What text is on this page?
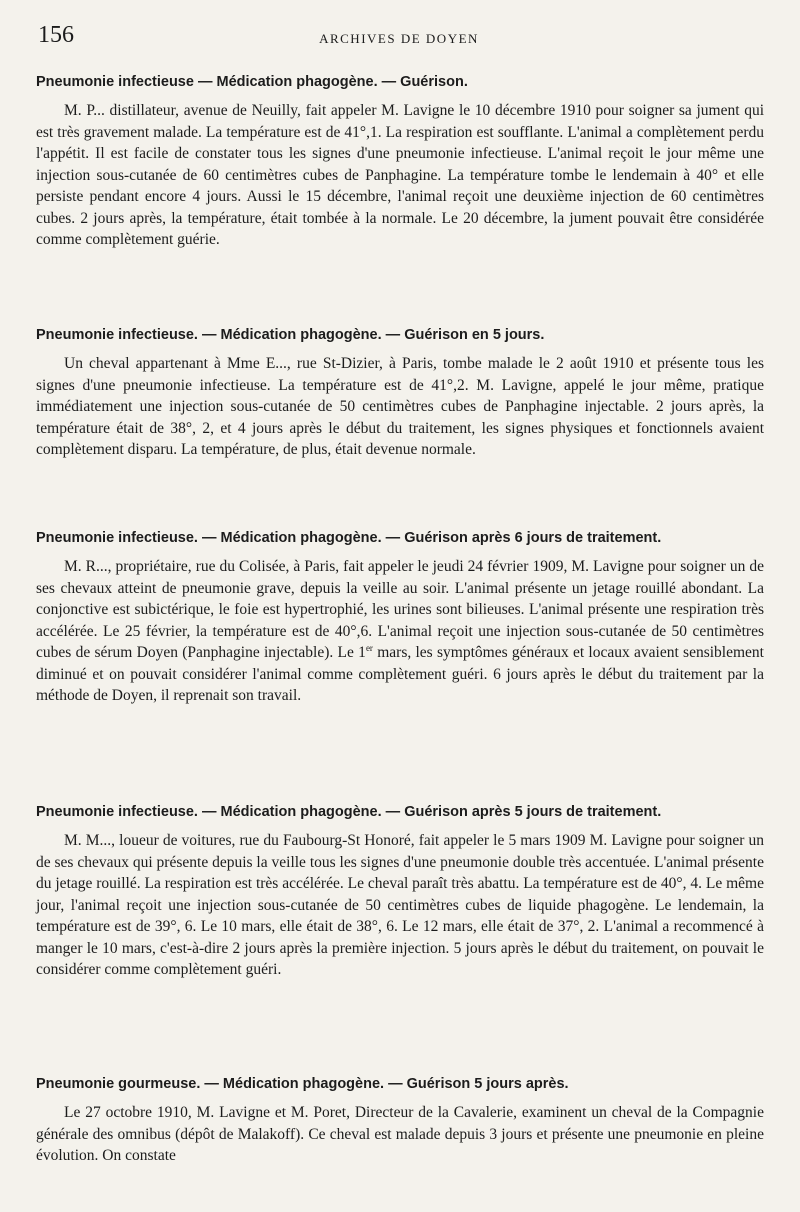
156	ARCHIVES DE DOYEN
Pneumonie infectieuse — Médication phagogène. — Guérison.

M. P... distillateur, avenue de Neuilly, fait appeler M. Lavigne le 10 décembre 1910 pour soigner sa jument qui est très gravement malade. La température est de 41°,1. La respiration est soufflante. L'animal a complètement perdu l'appétit. Il est facile de constater tous les signes d'une pneumonie infectieuse. L'animal reçoit le jour même une injection sous-cutanée de 60 centimètres cubes de Panphagine. La température tombe le lendemain à 40° et elle persiste pendant encore 4 jours. Aussi le 15 décembre, l'animal reçoit une deuxième injection de 60 centimètres cubes. 2 jours après, la température, était tombée à la normale. Le 20 décembre, la jument pouvait être considérée comme complètement guérie.

Pneumonie infectieuse. — Médication phagogène. — Guérison en 5 jours.

Un cheval appartenant à Mme E..., rue St-Dizier, à Paris, tombe malade le 2 août 1910 et présente tous les signes d'une pneumonie infectieuse. La température est de 41°,2. M. Lavigne, appelé le jour même, pratique immédiatement une injection sous-cutanée de 50 centimètres cubes de Panphagine injectable. 2 jours après, la température était de 38°, 2, et 4 jours après le début du traitement, les signes physiques et fonctionnels avaient complètement disparu. La température, de plus, était devenue normale.

Pneumonie infectieuse. — Médication phagogène. — Guérison après 6 jours de traitement.

M. R..., propriétaire, rue du Colisée, à Paris, fait appeler le jeudi 24 février 1909, M. Lavigne pour soigner un de ses chevaux atteint de pneumonie grave, depuis la veille au soir. L'animal présente un jetage rouillé abondant. La conjonctive est subictérique, le foie est hypertrophié, les urines sont bilieuses. L'animal présente une respiration très accélérée. Le 25 février, la température est de 40°,6. L'animal reçoit une injection sous-cutanée de 50 centimètres cubes de sérum Doyen (Panphagine injectable). Le 1er mars, les symptômes généraux et locaux avaient sensiblement diminué et on pouvait considérer l'animal comme complètement guéri. 6 jours après le début du traitement par la méthode de Doyen, il reprenait son travail.

Pneumonie infectieuse. — Médication phagogène. — Guérison après 5 jours de traitement.

M. M..., loueur de voitures, rue du Faubourg-St Honoré, fait appeler le 5 mars 1909 M. Lavigne pour soigner un de ses chevaux qui présente depuis la veille tous les signes d'une pneumonie double très accentuée. L'animal présente du jetage rouillé. La respiration est très accélérée. Le cheval paraît très abattu. La température est de 40°, 4. Le même jour, l'animal reçoit une injection sous-cutanée de 50 centimètres cubes de liquide phagogène. Le lendemain, la température est de 39°, 6. Le 10 mars, elle était de 38°, 6. Le 12 mars, elle était de 37°, 2. L'animal a recommencé à manger le 10 mars, c'est-à-dire 2 jours après la première injection. 5 jours après le début du traitement, on pouvait le considérer comme complètement guéri.

Pneumonie gourmeuse. — Médication phagogène. — Guérison 5 jours après.

Le 27 octobre 1910, M. Lavigne et M. Poret, Directeur de la Cavalerie, examinent un cheval de la Compagnie générale des omnibus (dépôt de Malakoff). Ce cheval est malade depuis 3 jours et présente une pneumonie en pleine évolution. On constate
